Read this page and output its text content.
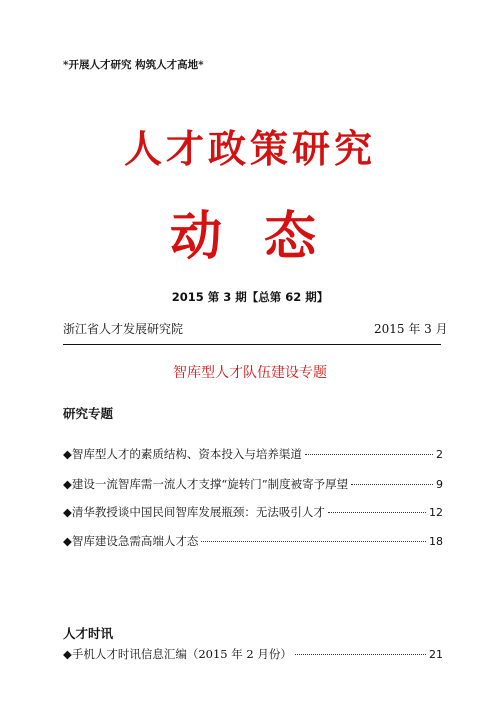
*开展人才研究 构筑人才高地*
人才政策研究
动态
2015 第 3 期【总第 62 期】
浙江省人才发展研究院	2015 年 3 月
智库型人才队伍建设专题
研究专题
◆智库型人才的素质结构、资本投入与培养渠道	2
◆建设一流智库需一流人才支撑“旋转门”制度被寄予厚望	9
◆清华教授谈中国民间智库发展瓶颈：无法吸引人才	12
◆智库建设急需高端人才态	18
人才时讯
◆手机人才时讯信息汇编（2015 年 2 月份）	21
